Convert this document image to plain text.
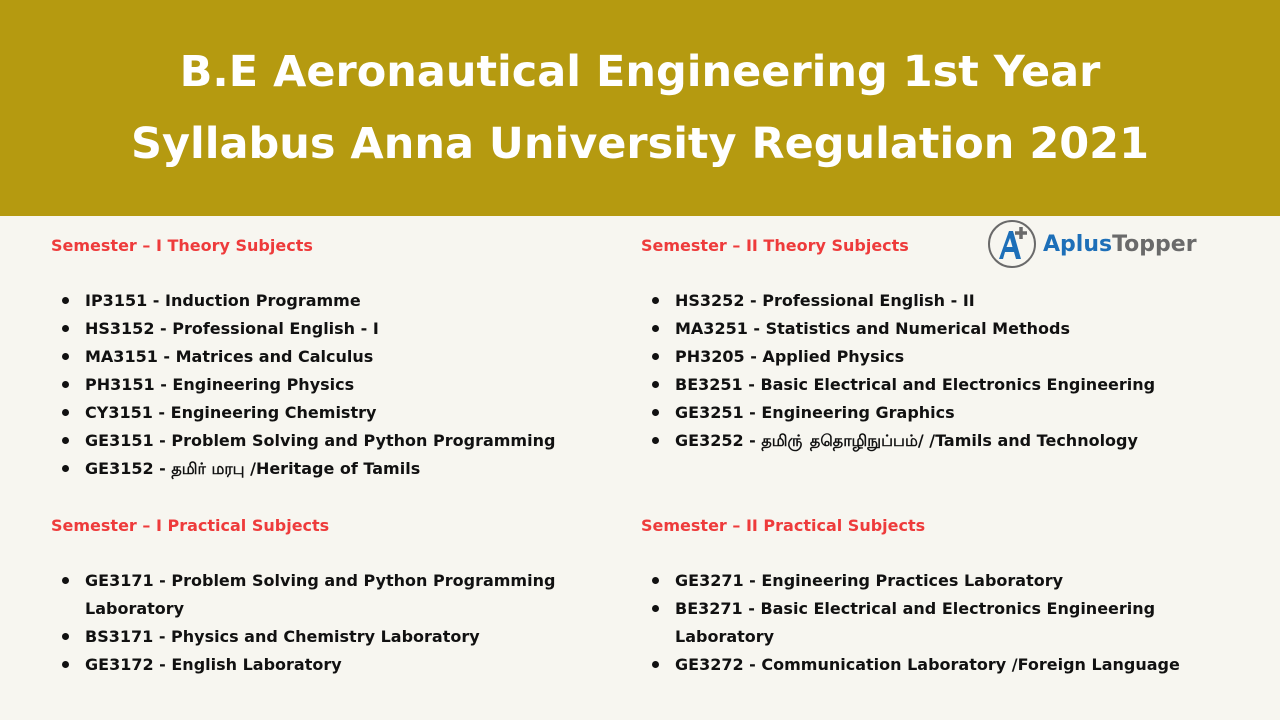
B.E Aeronautical Engineering 1st Year
Syllabus Anna University Regulation 2021
AplusTopper
Semester – I Theory Subjects
IP3151 - Induction Programme
HS3152 - Professional English - I
MA3151 - Matrices and Calculus
PH3151 - Engineering Physics
CY3151 - Engineering Chemistry
GE3151 - Problem Solving and Python Programming
GE3152 - தமிர் மரபு /Heritage of Tamils
Semester – I Practical Subjects
GE3171 - Problem Solving and Python Programming Laboratory
BS3171 - Physics and Chemistry Laboratory
GE3172 - English Laboratory
Semester – II Theory Subjects
HS3252 - Professional English - II
MA3251 - Statistics and Numerical Methods
PH3205 - Applied Physics
BE3251 - Basic Electrical and Electronics Engineering
GE3251 - Engineering Graphics
GE3252 - தமிரு் ததொழிநுப்பம்/ /Tamils and Technology
Semester – II Practical Subjects
GE3271 - Engineering Practices Laboratory
BE3271 - Basic Electrical and Electronics Engineering Laboratory
GE3272 - Communication Laboratory /Foreign Language
